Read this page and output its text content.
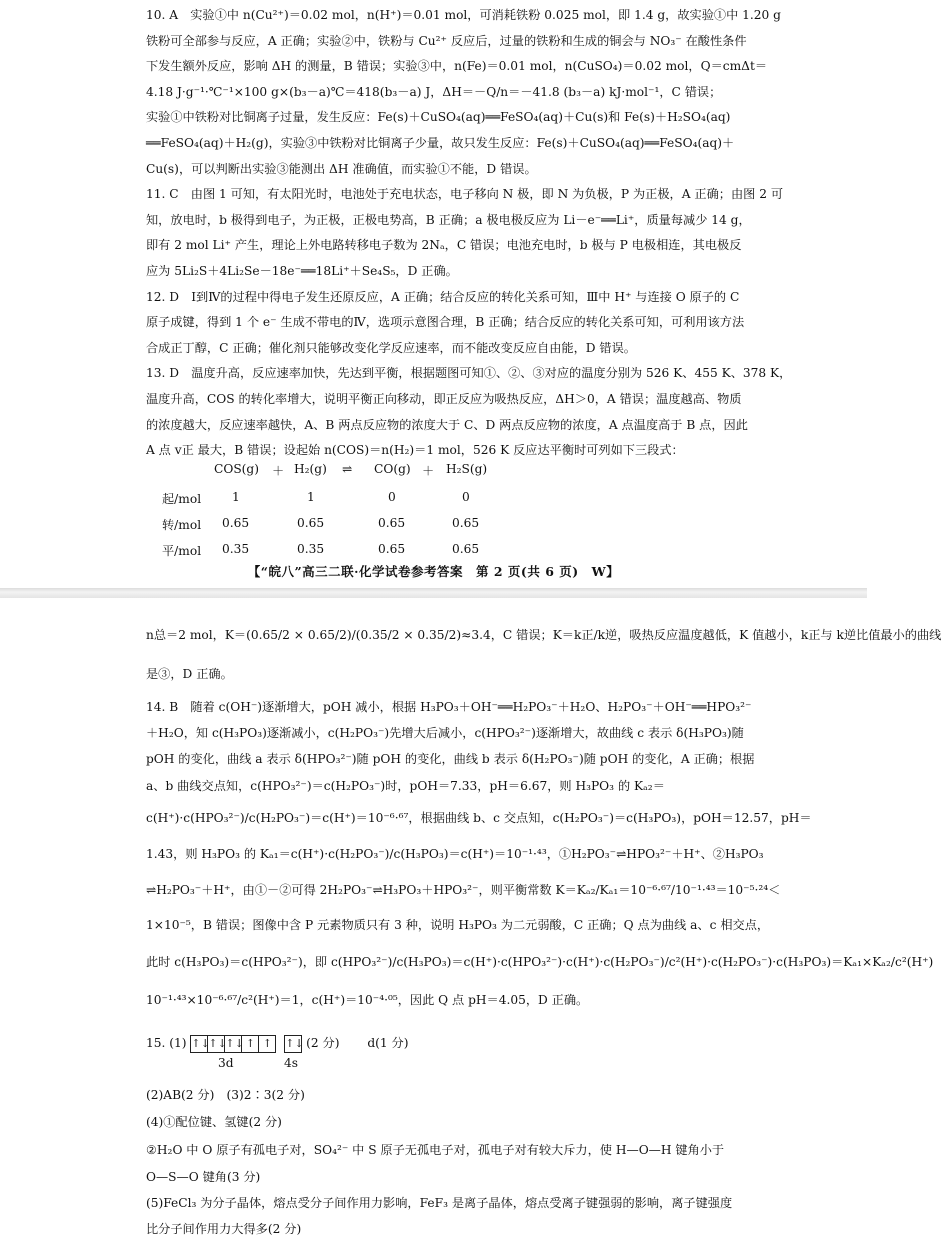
10. A　实验①中 n(Cu²⁺)＝0.02 mol，n(H⁺)＝0.01 mol，可消耗铁粉 0.025 mol，即 1.4 g，故实验①中 1.20 g
铁粉可全部参与反应，A 正确；实验②中，铁粉与 Cu²⁺ 反应后，过量的铁粉和生成的铜会与 NO₃⁻ 在酸性条件
下发生额外反应，影响 ΔH 的测量，B 错误；实验③中，n(Fe)＝0.01 mol，n(CuSO₄)＝0.02 mol，Q＝cmΔt＝
4.18 J·g⁻¹·℃⁻¹×100 g×(b₃－a)℃＝418(b₃－a) J，ΔH＝－Q/n＝－41.8 (b₃－a) kJ·mol⁻¹，C 错误；
实验①中铁粉对比铜离子过量，发生反应：Fe(s)＋CuSO₄(aq)══FeSO₄(aq)＋Cu(s)和 Fe(s)＋H₂SO₄(aq)
══FeSO₄(aq)＋H₂(g)，实验③中铁粉对比铜离子少量，故只发生反应：Fe(s)＋CuSO₄(aq)══FeSO₄(aq)＋
Cu(s)，可以判断出实验③能测出 ΔH 准确值，而实验①不能，D 错误。
11. C　由图 1 可知，有太阳光时，电池处于充电状态，电子移向 N 极，即 N 为负极，P 为正极，A 正确；由图 2 可
知，放电时，b 极得到电子，为正极，正极电势高，B 正确；a 极电极反应为 Li－e⁻══Li⁺，质量每减少 14 g，
即有 2 mol Li⁺ 产生，理论上外电路转移电子数为 2Nₐ，C 错误；电池充电时，b 极与 P 电极相连，其电极反
应为 5Li₂S＋4Li₂Se－18e⁻══18Li⁺＋Se₄S₅，D 正确。
12. D　Ⅰ到Ⅳ的过程中得电子发生还原反应，A 正确；结合反应的转化关系可知，Ⅲ中 H⁺ 与连接 O 原子的 C
原子成键，得到 1 个 e⁻ 生成不带电的Ⅳ，选项示意图合理，B 正确；结合反应的转化关系可知，可利用该方法
合成正丁醇，C 正确；催化剂只能够改变化学反应速率，而不能改变反应自由能，D 错误。
13. D　温度升高，反应速率加快，先达到平衡，根据题图可知①、②、③对应的温度分别为 526 K、455 K、378 K，
温度升高，COS 的转化率增大，说明平衡正向移动，即正反应为吸热反应，ΔH＞0，A 错误；温度越高、物质
的浓度越大，反应速率越快，A、B 两点反应物的浓度大于 C、D 两点反应物的浓度，A 点温度高于 B 点，因此
A 点 v正 最大，B 错误；设起始 n(COS)＝n(H₂)＝1 mol，526 K 反应达平衡时可列如下三段式：
COS(g) ＋ H₂(g) ⇌ CO(g) ＋ H₂S(g)
起/mol	1	1	0	0
转/mol 0.65	0.65	0.65	0.65
平/mol 0.35	0.35	0.65	0.65
【“皖八”高三二联·化学试卷参考答案　第 2 页(共 6 页)　W】
n总＝2 mol，K＝(0.65/2 × 0.65/2)/(0.35/2 × 0.35/2)≈3.4，C 错误；K＝k正/k逆，吸热反应温度越低，K 值越小，k正与 k逆比值最小的曲线
是③，D 正确。
14. B　随着 c(OH⁻)逐渐增大，pOH 减小，根据 H₃PO₃＋OH⁻══H₂PO₃⁻＋H₂O、H₂PO₃⁻＋OH⁻══HPO₃²⁻
＋H₂O，知 c(H₃PO₃)逐渐减小，c(H₂PO₃⁻)先增大后减小，c(HPO₃²⁻)逐渐增大，故曲线 c 表示 δ(H₃PO₃)随
pOH 的变化，曲线 a 表示 δ(HPO₃²⁻)随 pOH 的变化，曲线 b 表示 δ(H₂PO₃⁻)随 pOH 的变化，A 正确；根据
a、b 曲线交点知，c(HPO₃²⁻)＝c(H₂PO₃⁻)时，pOH＝7.33，pH＝6.67，则 H₃PO₃ 的 Kₐ₂＝
c(H⁺)·c(HPO₃²⁻)/c(H₂PO₃⁻)＝c(H⁺)＝10⁻⁶·⁶⁷，根据曲线 b、c 交点知，c(H₂PO₃⁻)＝c(H₃PO₃)，pOH＝12.57，pH＝
1.43，则 H₃PO₃ 的 Kₐ₁＝c(H⁺)·c(H₂PO₃⁻)/c(H₃PO₃)＝c(H⁺)＝10⁻¹·⁴³，①H₂PO₃⁻⇌HPO₃²⁻＋H⁺、②H₃PO₃
⇌H₂PO₃⁻＋H⁺，由①－②可得 2H₂PO₃⁻⇌H₃PO₃＋HPO₃²⁻，则平衡常数 K＝Kₐ₂/Kₐ₁＝10⁻⁶·⁶⁷/10⁻¹·⁴³＝10⁻⁵·²⁴＜
1×10⁻⁵，B 错误；图像中含 P 元素物质只有 3 种，说明 H₃PO₃ 为二元弱酸，C 正确；Q 点为曲线 a、c 相交点，
此时 c(H₃PO₃)＝c(HPO₃²⁻)，即 c(HPO₃²⁻)/c(H₃PO₃)＝c(H⁺)·c(HPO₃²⁻)·c(H⁺)·c(H₂PO₃⁻)/c²(H⁺)·c(H₂PO₃⁻)·c(H₃PO₃)＝Kₐ₁×Kₐ₂/c²(H⁺)
10⁻¹·⁴³×10⁻⁶·⁶⁷/c²(H⁺)＝1，c(H⁺)＝10⁻⁴·⁰⁵，因此 Q 点 pH＝4.05，D 正确。
15. (1) ↑↓
↑↓
↑↓ ↑ ↑
	↑↓ (2 分) d(1 分)
3d	4s
(2)AB(2 分)　(3)2∶3(2 分)
(4)①配位键、氢键(2 分)
②H₂O 中 O 原子有孤电子对，SO₄²⁻ 中 S 原子无孤电子对，孤电子对有较大斥力，使 H—O—H 键角小于
O—S—O 键角(3 分)
(5)FeCl₃ 为分子晶体，熔点受分子间作用力影响，FeF₃ 是离子晶体，熔点受离子键强弱的影响，离子键强度
比分子间作用力大得多(2 分)
